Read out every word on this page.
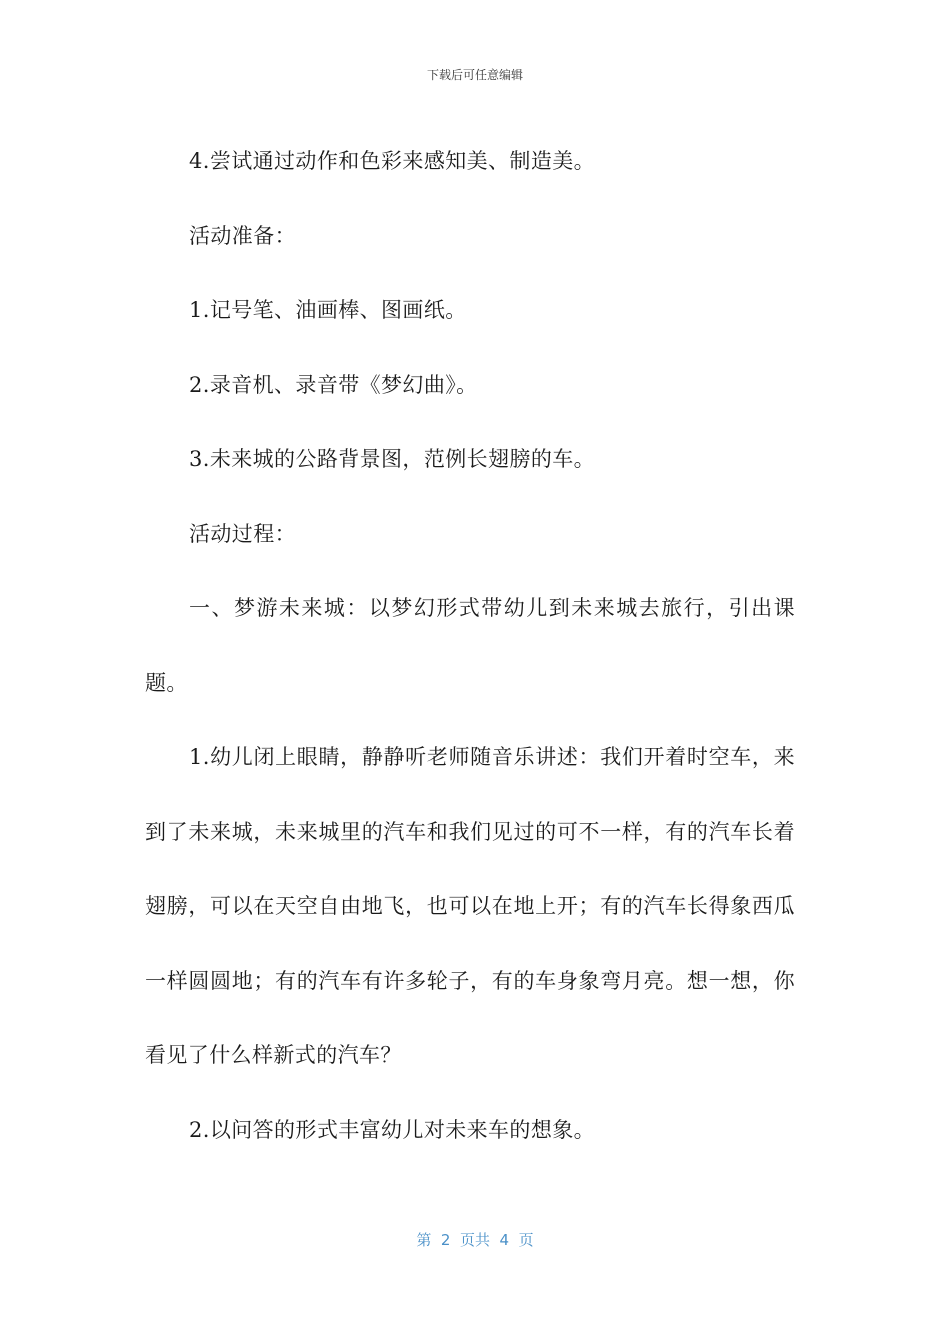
下载后可任意编辑

4.尝试通过动作和色彩来感知美、制造美。

活动准备：

1.记号笔、油画棒、图画纸。

2.录音机、录音带《梦幻曲》。

3.未来城的公路背景图，范例长翅膀的车。

活动过程：

一、梦游未来城：以梦幻形式带幼儿到未来城去旅行，引出课题。

1.幼儿闭上眼睛，静静听老师随音乐讲述：我们开着时空车，来到了未来城，未来城里的汽车和我们见过的可不一样，有的汽车长着翅膀，可以在天空自由地飞，也可以在地上开；有的汽车长得象西瓜一样圆圆地；有的汽车有许多轮子，有的车身象弯月亮。想一想，你看见了什么样新式的汽车？

2.以问答的形式丰富幼儿对未来车的想象。

第  2  页共  4  页
